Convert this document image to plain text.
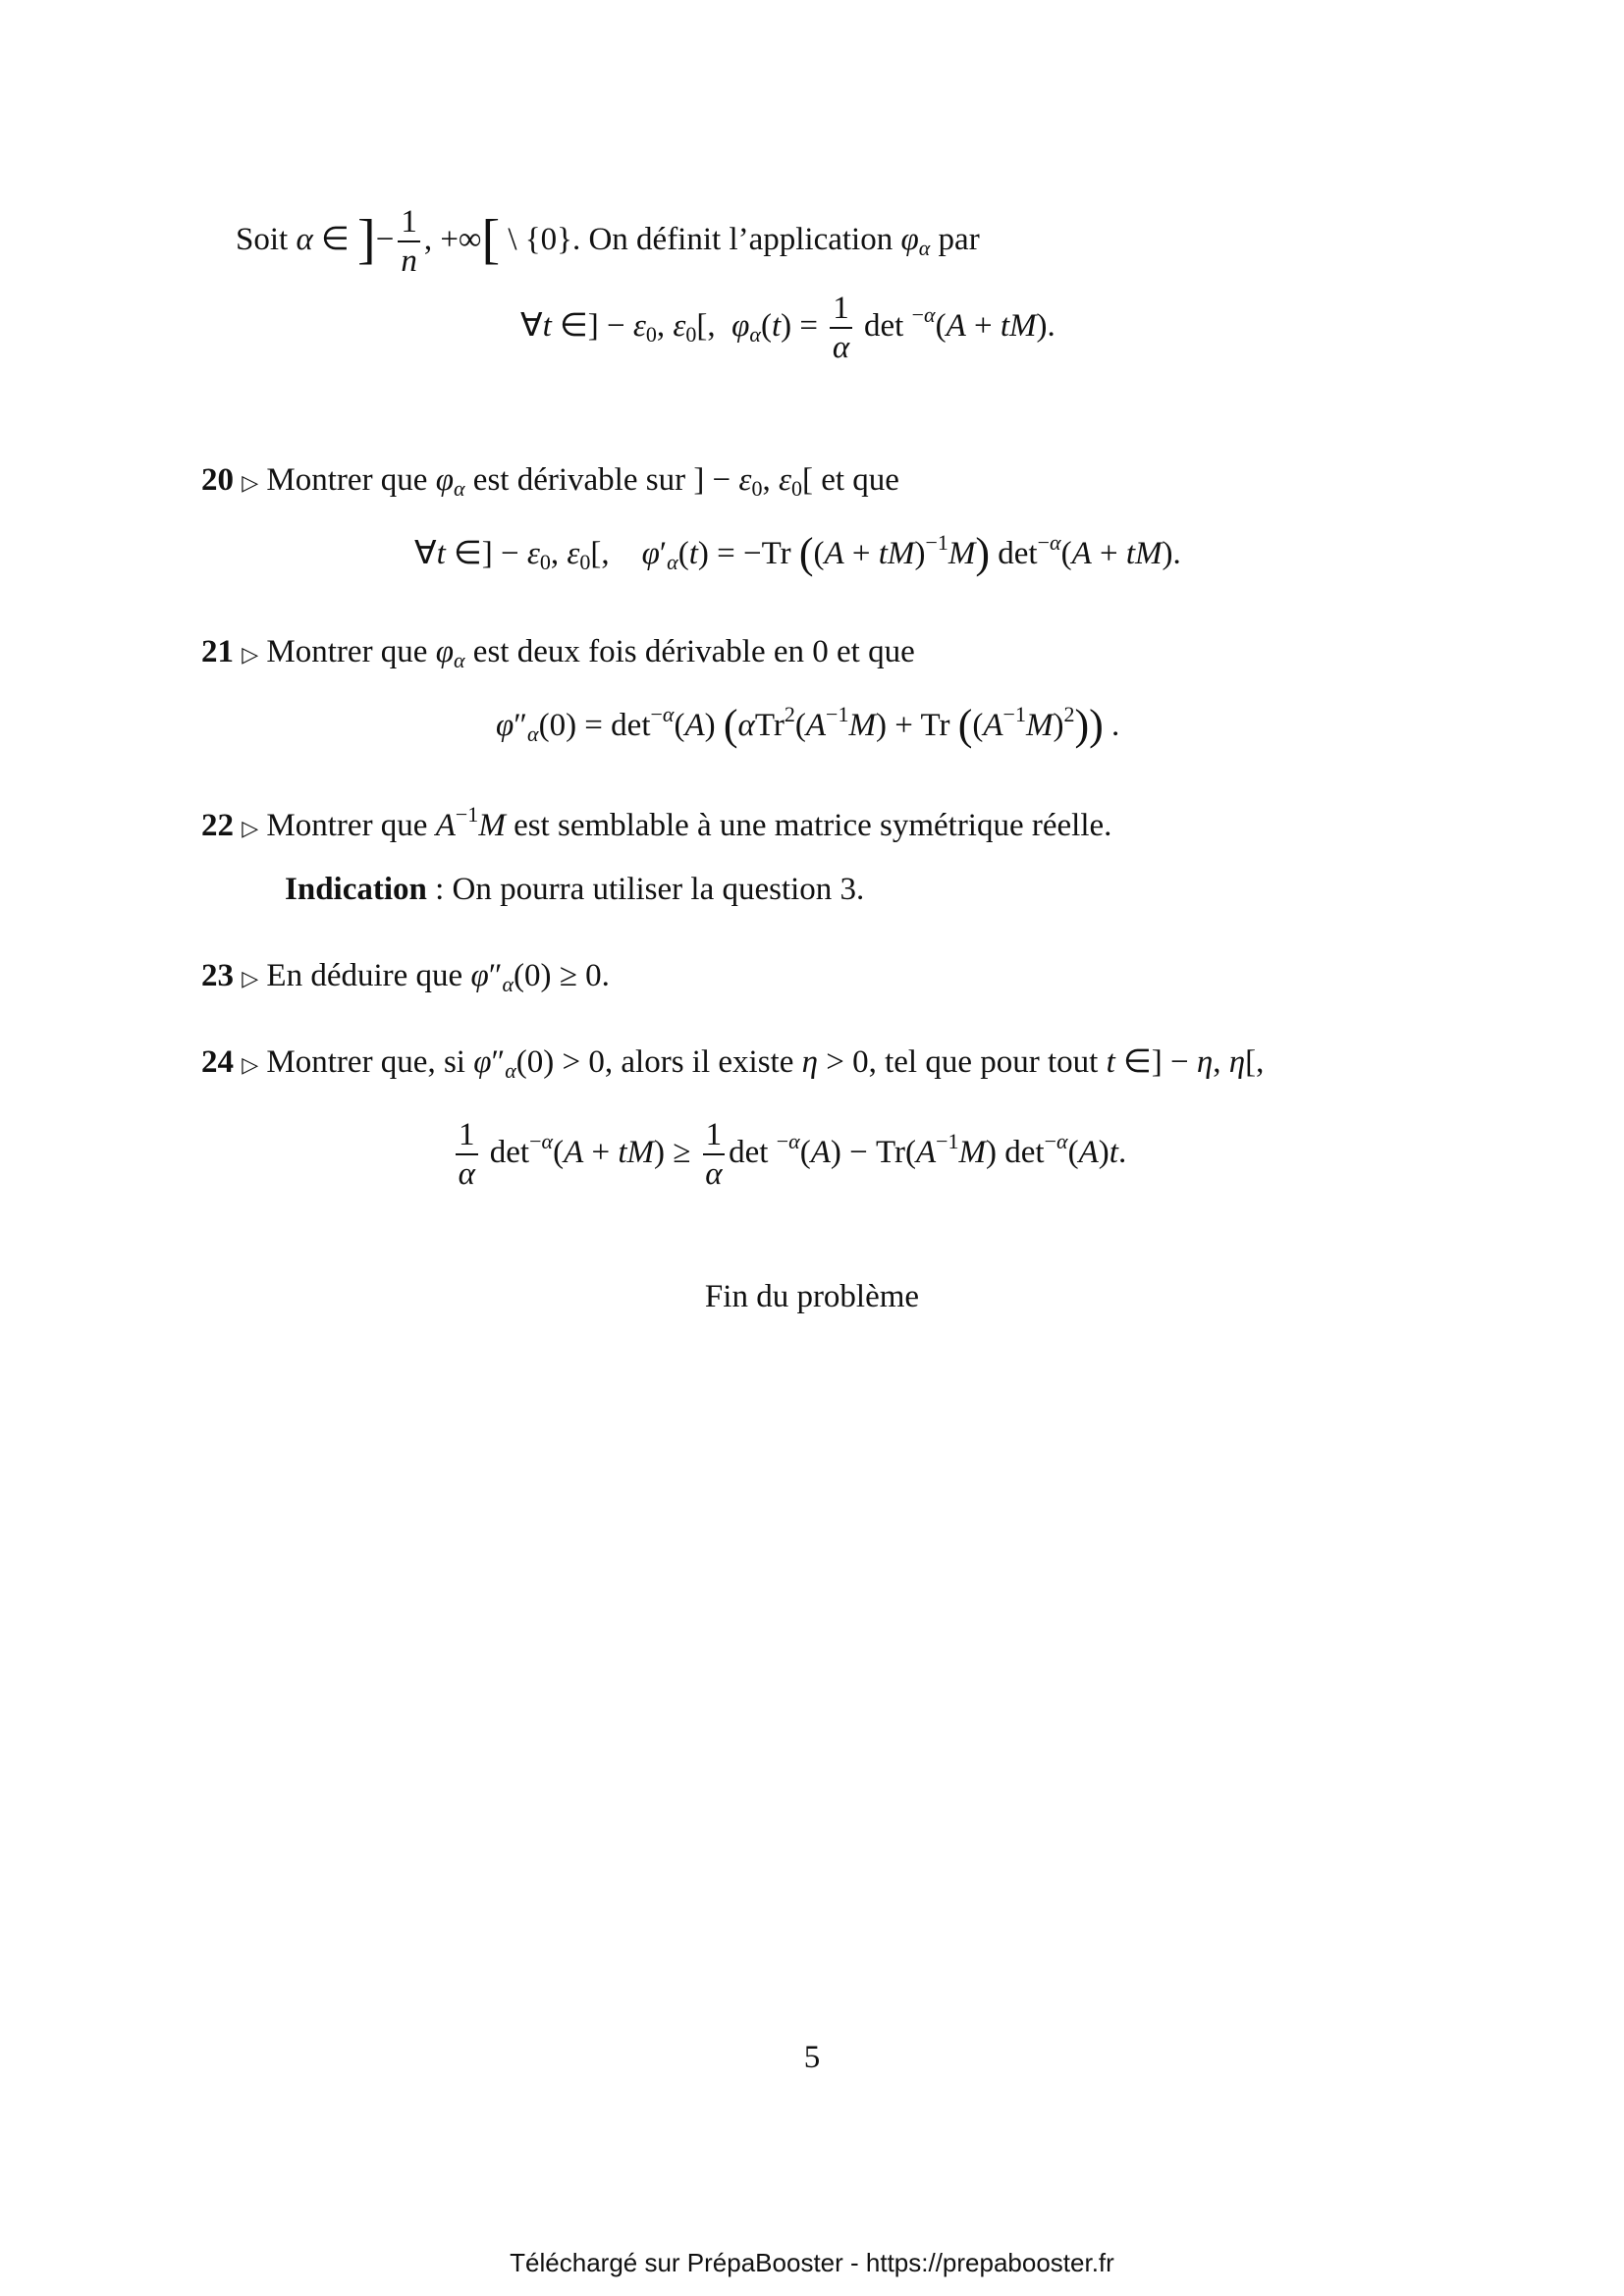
Soit α ∈ ]− $\frac{1}{n}$ , +∞[ \ {0}. On définit l’application $\varphi_\alpha$ par
∀t ∈] − $\varepsilon_0$, $\varepsilon_0$[,  $\varphi_\alpha(t) = \frac{1}{\alpha}$ det $^{-\alpha}$(A + tM).
20 ▷ Montrer que $\varphi_\alpha$ est dérivable sur ] − $\varepsilon_0$, $\varepsilon_0$[ et que
∀t ∈] − $\varepsilon_0$, $\varepsilon_0$[,    $\varphi'_\alpha(t) = -Tr$ ((A + tM)$^{-1}$M) $\det^{-\alpha}(A + tM)$.
21 ▷ Montrer que $\varphi_\alpha$ est deux fois dérivable en 0 et que
$\varphi''_\alpha(0) = \det^{-\alpha}(A) (\alpha Tr^2(A^{-1}M) + Tr$ $((A^{-1}M)^2)$) .
22 ▷ Montrer que $A^{-1}M$ est semblable à une matrice symétrique réelle.
Indication : On pourra utiliser la question 3.
23 ▷ En déduire que $\varphi''_\alpha(0) \ge 0$.
24 ▷ Montrer que, si $\varphi''_\alpha(0) > 0$, alors il existe η > 0, tel que pour tout t ∈] − η, η[,
$\frac{1}{\alpha} \det^{-\alpha}(A + tM) \ge \frac{1}{\alpha}$ $\det ^{-\alpha}(A) - Tr(A^{-1}M)$ $\det^{-\alpha}(A)t$.
Fin du problème
5
Téléchargé sur PrépaBooster - https://prepabooster.fr
